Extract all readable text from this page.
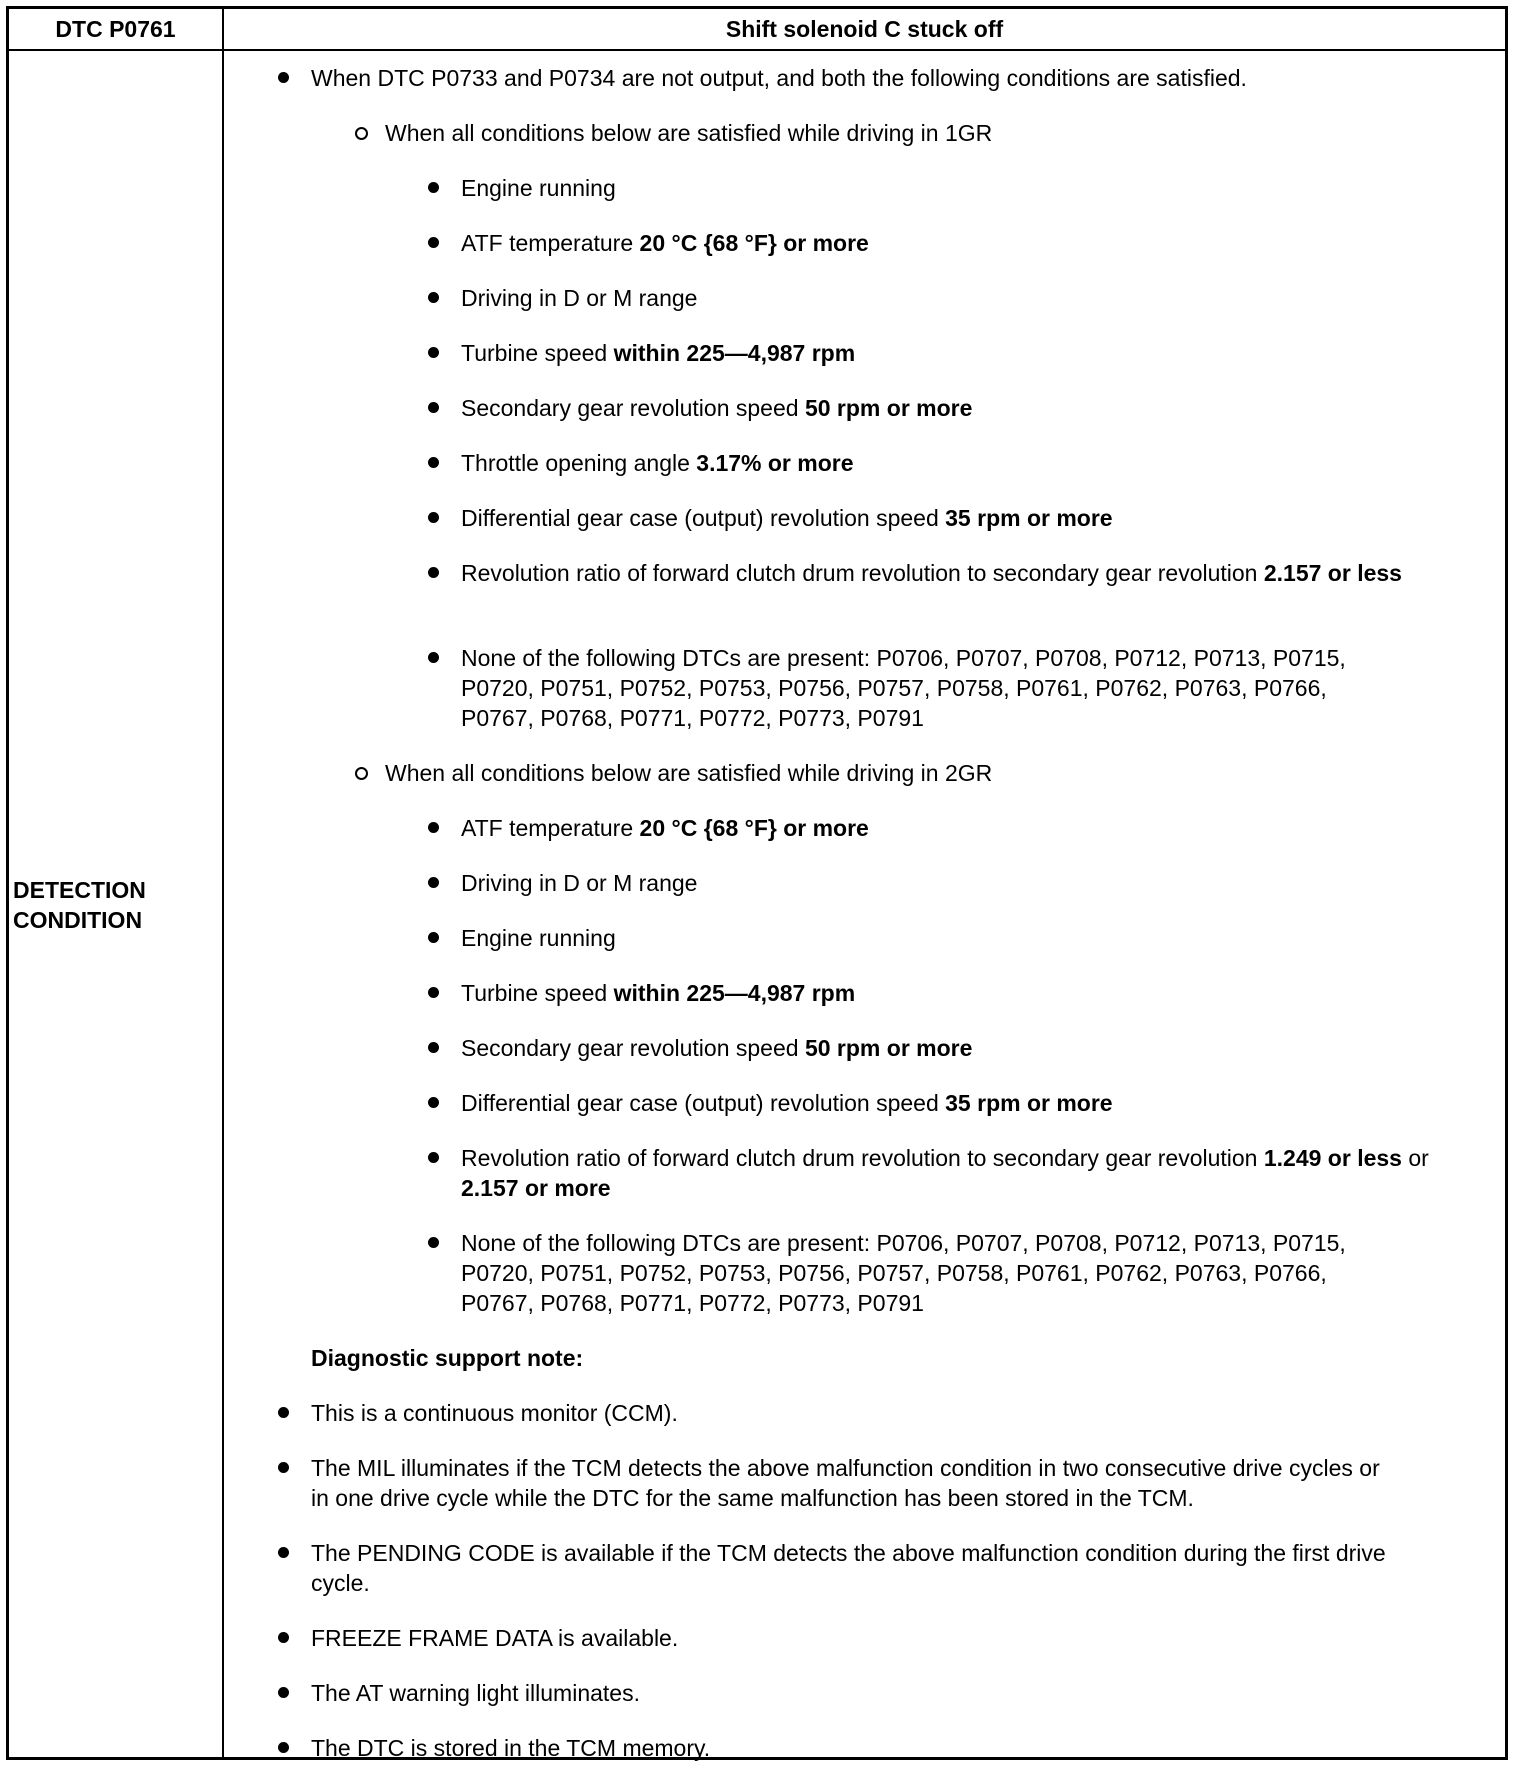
DTC P0761	Shift solenoid C stuck off
DETECTION
CONDITION
When DTC P0733 and P0734 are not output, and both the following conditions are satisfied.
When all conditions below are satisfied while driving in 1GR
Engine running
ATF temperature 20 °C {68 °F} or more
Driving in D or M range
Turbine speed within 225—4,987 rpm
Secondary gear revolution speed 50 rpm or more
Throttle opening angle 3.17% or more
Differential gear case (output) revolution speed 35 rpm or more
Revolution ratio of forward clutch drum revolution to secondary gear revolution 2.157 or less
None of the following DTCs are present: P0706, P0707, P0708, P0712, P0713, P0715,
P0720, P0751, P0752, P0753, P0756, P0757, P0758, P0761, P0762, P0763, P0766,
P0767, P0768, P0771, P0772, P0773, P0791
When all conditions below are satisfied while driving in 2GR
ATF temperature 20 °C {68 °F} or more
Driving in D or M range
Engine running
Turbine speed within 225—4,987 rpm
Secondary gear revolution speed 50 rpm or more
Differential gear case (output) revolution speed 35 rpm or more
Revolution ratio of forward clutch drum revolution to secondary gear revolution 1.249 or less or 2.157 or more
None of the following DTCs are present: P0706, P0707, P0708, P0712, P0713, P0715,
P0720, P0751, P0752, P0753, P0756, P0757, P0758, P0761, P0762, P0763, P0766,
P0767, P0768, P0771, P0772, P0773, P0791
Diagnostic support note:
This is a continuous monitor (CCM).
The MIL illuminates if the TCM detects the above malfunction condition in two consecutive drive cycles or
in one drive cycle while the DTC for the same malfunction has been stored in the TCM.
The PENDING CODE is available if the TCM detects the above malfunction condition during the first drive
cycle.
FREEZE FRAME DATA is available.
The AT warning light illuminates.
The DTC is stored in the TCM memory.
